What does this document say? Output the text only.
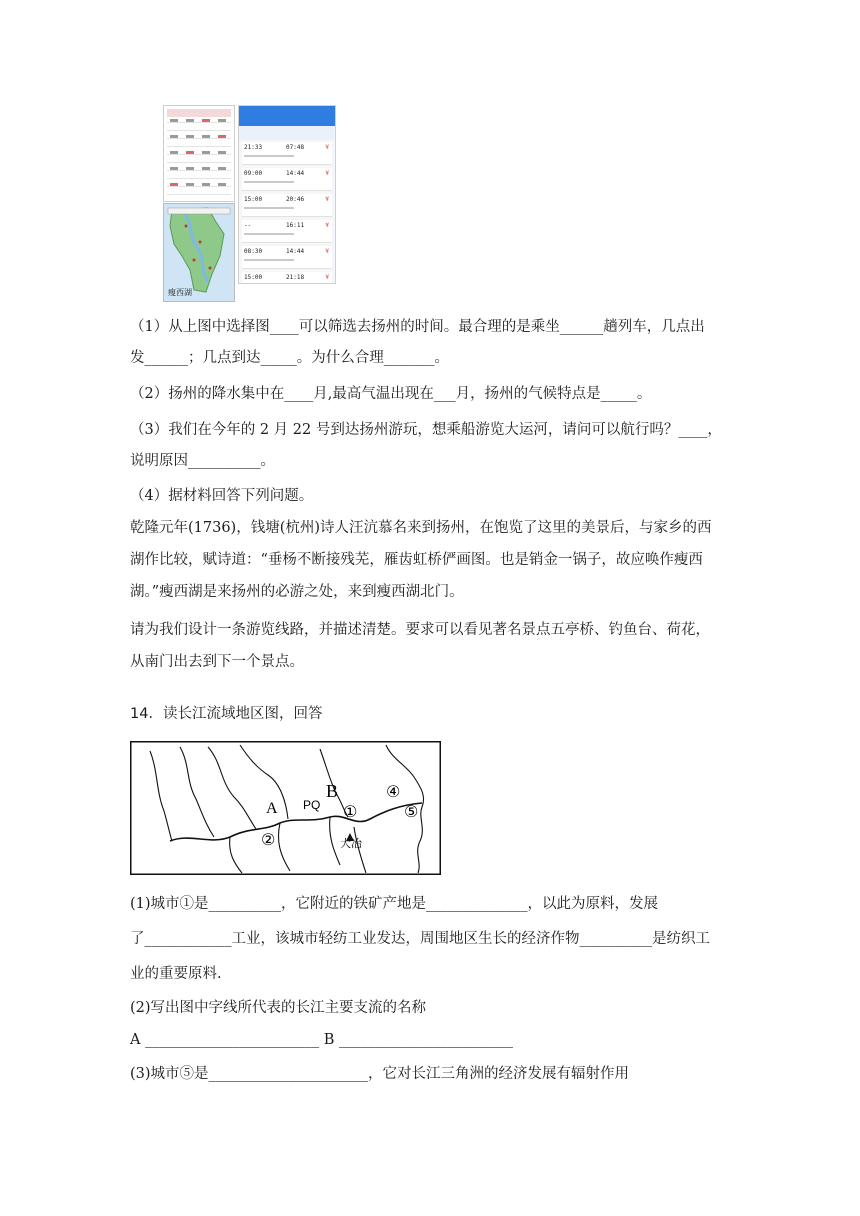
瘦西湖
21:33	07:48	¥
09:00	14:44	¥
15:00	20:46	¥
--	16:11	¥
08:30	14:44	¥
15:00	21:18	¥
（1）从上图中选择图____可以筛选去扬州的时间。最合理的是乘坐______趟列车，几点出
发______；几点到达_____。为什么合理_______。
（2）扬州的降水集中在____月,最高气温出现在___月，扬州的气候特点是_____。
（3）我们在今年的 2 月 22 号到达扬州游玩，想乘船游览大运河，请问可以航行吗？____，
说明原因__________。
（4）据材料回答下列问题。
乾隆元年(1736)，钱塘(杭州)诗人汪沆慕名来到扬州，在饱览了这里的美景后，与家乡的西
湖作比较，赋诗道：“垂杨不断接残芜，雁齿虹桥俨画图。也是销金一锅子，故应唤作瘦西
湖。”瘦西湖是来扬州的必游之处，来到瘦西湖北门。
请为我们设计一条游览线路，并描述清楚。要求可以看见著名景点五亭桥、钓鱼台、荷花，
从南门出去到下一个景点。
14．读长江流域地区图，回答
A
B
PQ ①
②
④
⑤
大冶
(1)城市①是__________，它附近的铁矿产地是______________，以此为原料，发展
了____________工业，该城市轻纺工业发达，周围地区生长的经济作物__________是纺织工
业的重要原料.
(2)写出图中字线所代表的长江主要支流的名称
A ________________________ B ________________________
(3)城市⑤是______________________，它对长江三角洲的经济发展有辐射作用
